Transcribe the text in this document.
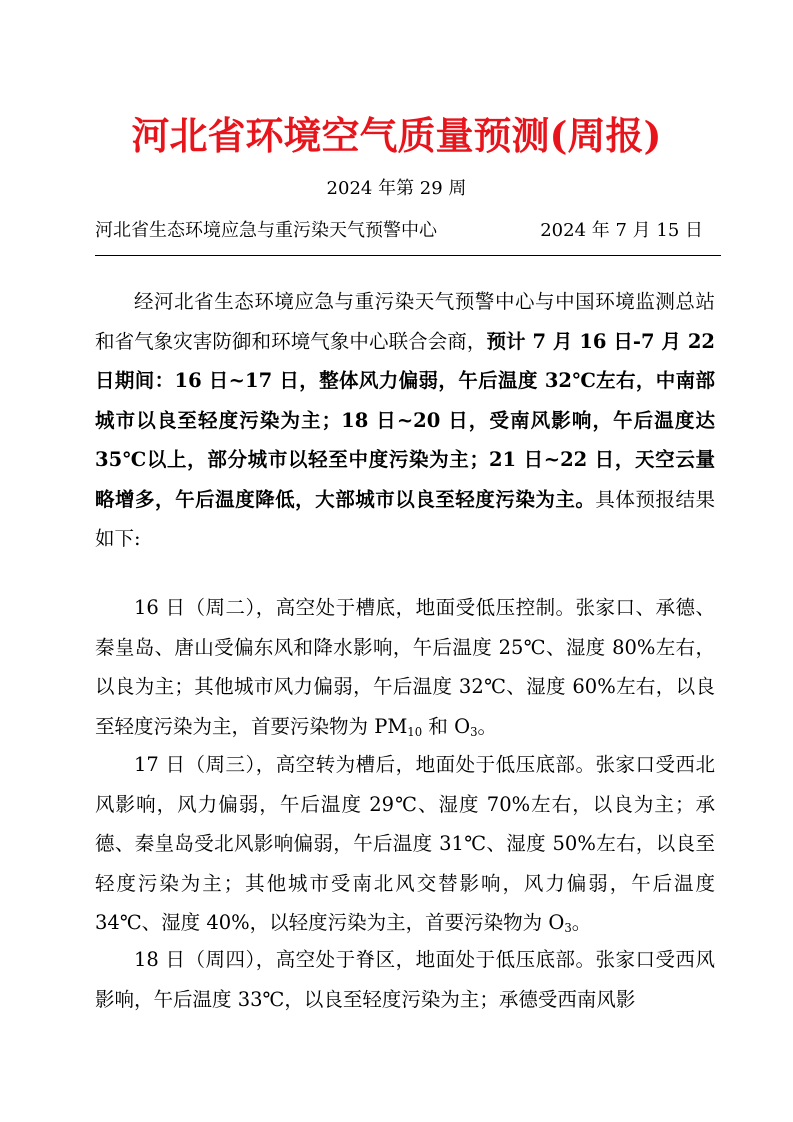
河北省环境空气质量预测(周报)
2024 年第 29 周
河北省生态环境应急与重污染天气预警中心	2024 年 7 月 15 日

经河北省生态环境应急与重污染天气预警中心与中国环境监测总站和省气象灾害防御和环境气象中心联合会商，预计 7 月 16 日-7 月 22 日期间：16 日~17 日，整体风力偏弱，午后温度 32℃左右，中南部城市以良至轻度污染为主；18 日~20 日，受南风影响，午后温度达 35℃以上，部分城市以轻至中度污染为主；21 日~22 日，天空云量略增多，午后温度降低，大部城市以良至轻度污染为主。具体预报结果如下:

16 日（周二），高空处于槽底，地面受低压控制。张家口、承德、秦皇岛、唐山受偏东风和降水影响，午后温度 25℃、湿度 80%左右，以良为主；其他城市风力偏弱，午后温度 32℃、湿度 60%左右，以良至轻度污染为主，首要污染物为 $PM_{10}$ 和 $O_3$。

17 日（周三），高空转为槽后，地面处于低压底部。张家口受西北风影响，风力偏弱，午后温度 29℃、湿度 70%左右，以良为主；承德、秦皇岛受北风影响偏弱，午后温度 31℃、湿度 50%左右，以良至轻度污染为主；其他城市受南北风交替影响，风力偏弱，午后温度 34℃、湿度 40%，以轻度污染为主，首要污染物为 $O_3$。

18 日（周四），高空处于脊区，地面处于低压底部。张家口受西风影响，午后温度 33℃，以良至轻度污染为主；承德受西南风影
